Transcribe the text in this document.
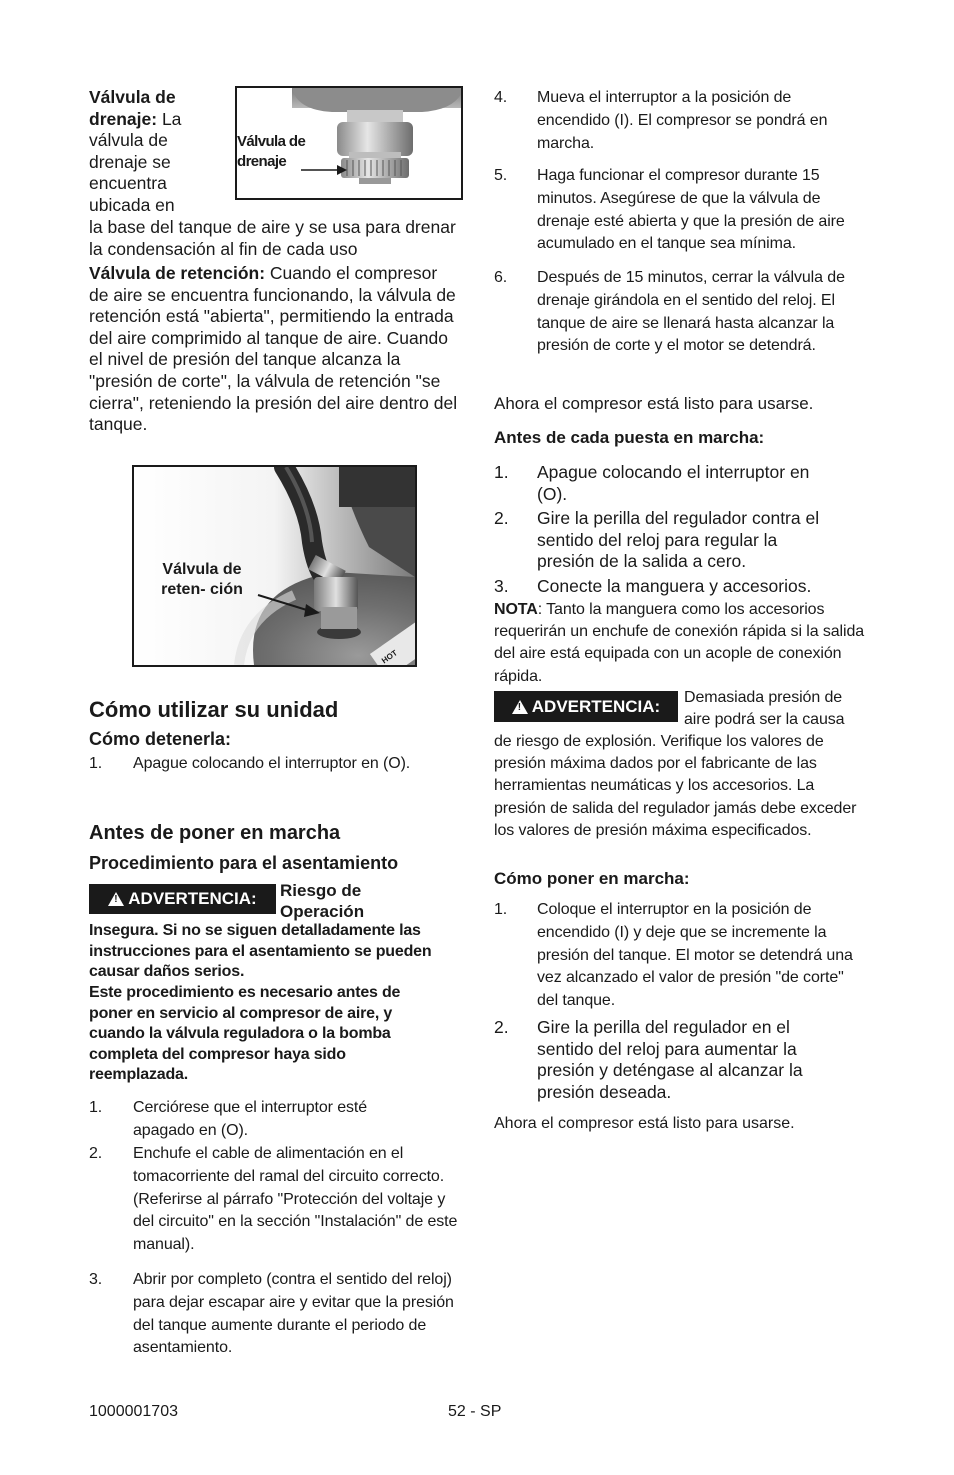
Válvula de drenaje: La válvula de drenaje se encuentra ubicada en
la base del tanque de aire y se usa para drenar la condensación al fin de cada uso
Válvula de drenaje
Válvula de retención: Cuando el compresor de aire se encuentra funcionando, la válvula de retención está "abierta", permitiendo la entrada del aire comprimido al tanque de aire. Cuando el nivel de presión del tanque alcanza la "presión de corte", la válvula de retención "se cierra", reteniendo la presión del aire dentro del tanque.
HOT
Válvula de reten- ción
Cómo utilizar su unidad
Cómo detenerla:
1. Apague colocando el interruptor en (O).
Antes de poner en marcha
Procedimiento para el asentamiento
!
ADVERTENCIA: Riesgo de Operación
Insegura. Si no se siguen detalladamente las instrucciones para el asentamiento se pueden causar daños serios.
Este procedimiento es necesario antes de poner en servicio al compresor de aire, y cuando la válvula reguladora o la bomba completa del compresor haya sido reemplazada.
1. Cerciórese que el interruptor esté apagado en (O).
2. Enchufe el cable de alimentación en el tomacorriente del ramal del circuito correcto. (Referirse al párrafo "Protección del voltaje y del circuito" en la sección "Instalación" de este manual).
3. Abrir por completo (contra el sentido del reloj) para dejar escapar aire y evitar que la presión del tanque aumente durante el periodo de asentamiento.
4. Mueva el interruptor a la posición de encendido (I). El compresor se pondrá en marcha.
5. Haga funcionar el compresor durante 15 minutos. Asegúrese de que la válvula de drenaje esté abierta y que la presión de aire acumulado en el tanque sea mínima.
6. Después de 15 minutos, cerrar la válvula de drenaje girándola en el sentido del reloj. El tanque de aire se llenará hasta alcanzar la presión de corte y el motor se detendrá.
Ahora el compresor está listo para usarse.
Antes de cada puesta en marcha:
1. Apague colocando el interruptor en (O).
2. Gire la perilla del regulador contra el sentido del reloj para regular la presión de la salida a cero.
3. Conecte la manguera y accesorios.
NOTA: Tanto la manguera como los accesorios requerirán un enchufe de conexión rápida si la salida del aire está equipada con un acople de conexión rápida.
!
ADVERTENCIA: Demasiada presión de aire podrá ser la causa
de riesgo de explosión. Verifique los valores de presión máxima dados por el fabricante de las herramientas neumáticas y los accesorios. La presión de salida del regulador jamás debe exceder los valores de presión máxima especificados.
Cómo poner en marcha:
1. Coloque el interruptor en la posición de encendido (I) y deje que se incremente la presión del tanque. El motor se detendrá una vez alcanzado el valor de presión "de corte" del tanque.
2. Gire la perilla del regulador en el sentido del reloj para aumentar la presión y deténgase al alcanzar la presión deseada.
Ahora el compresor está listo para usarse.
1000001703	52 - SP
